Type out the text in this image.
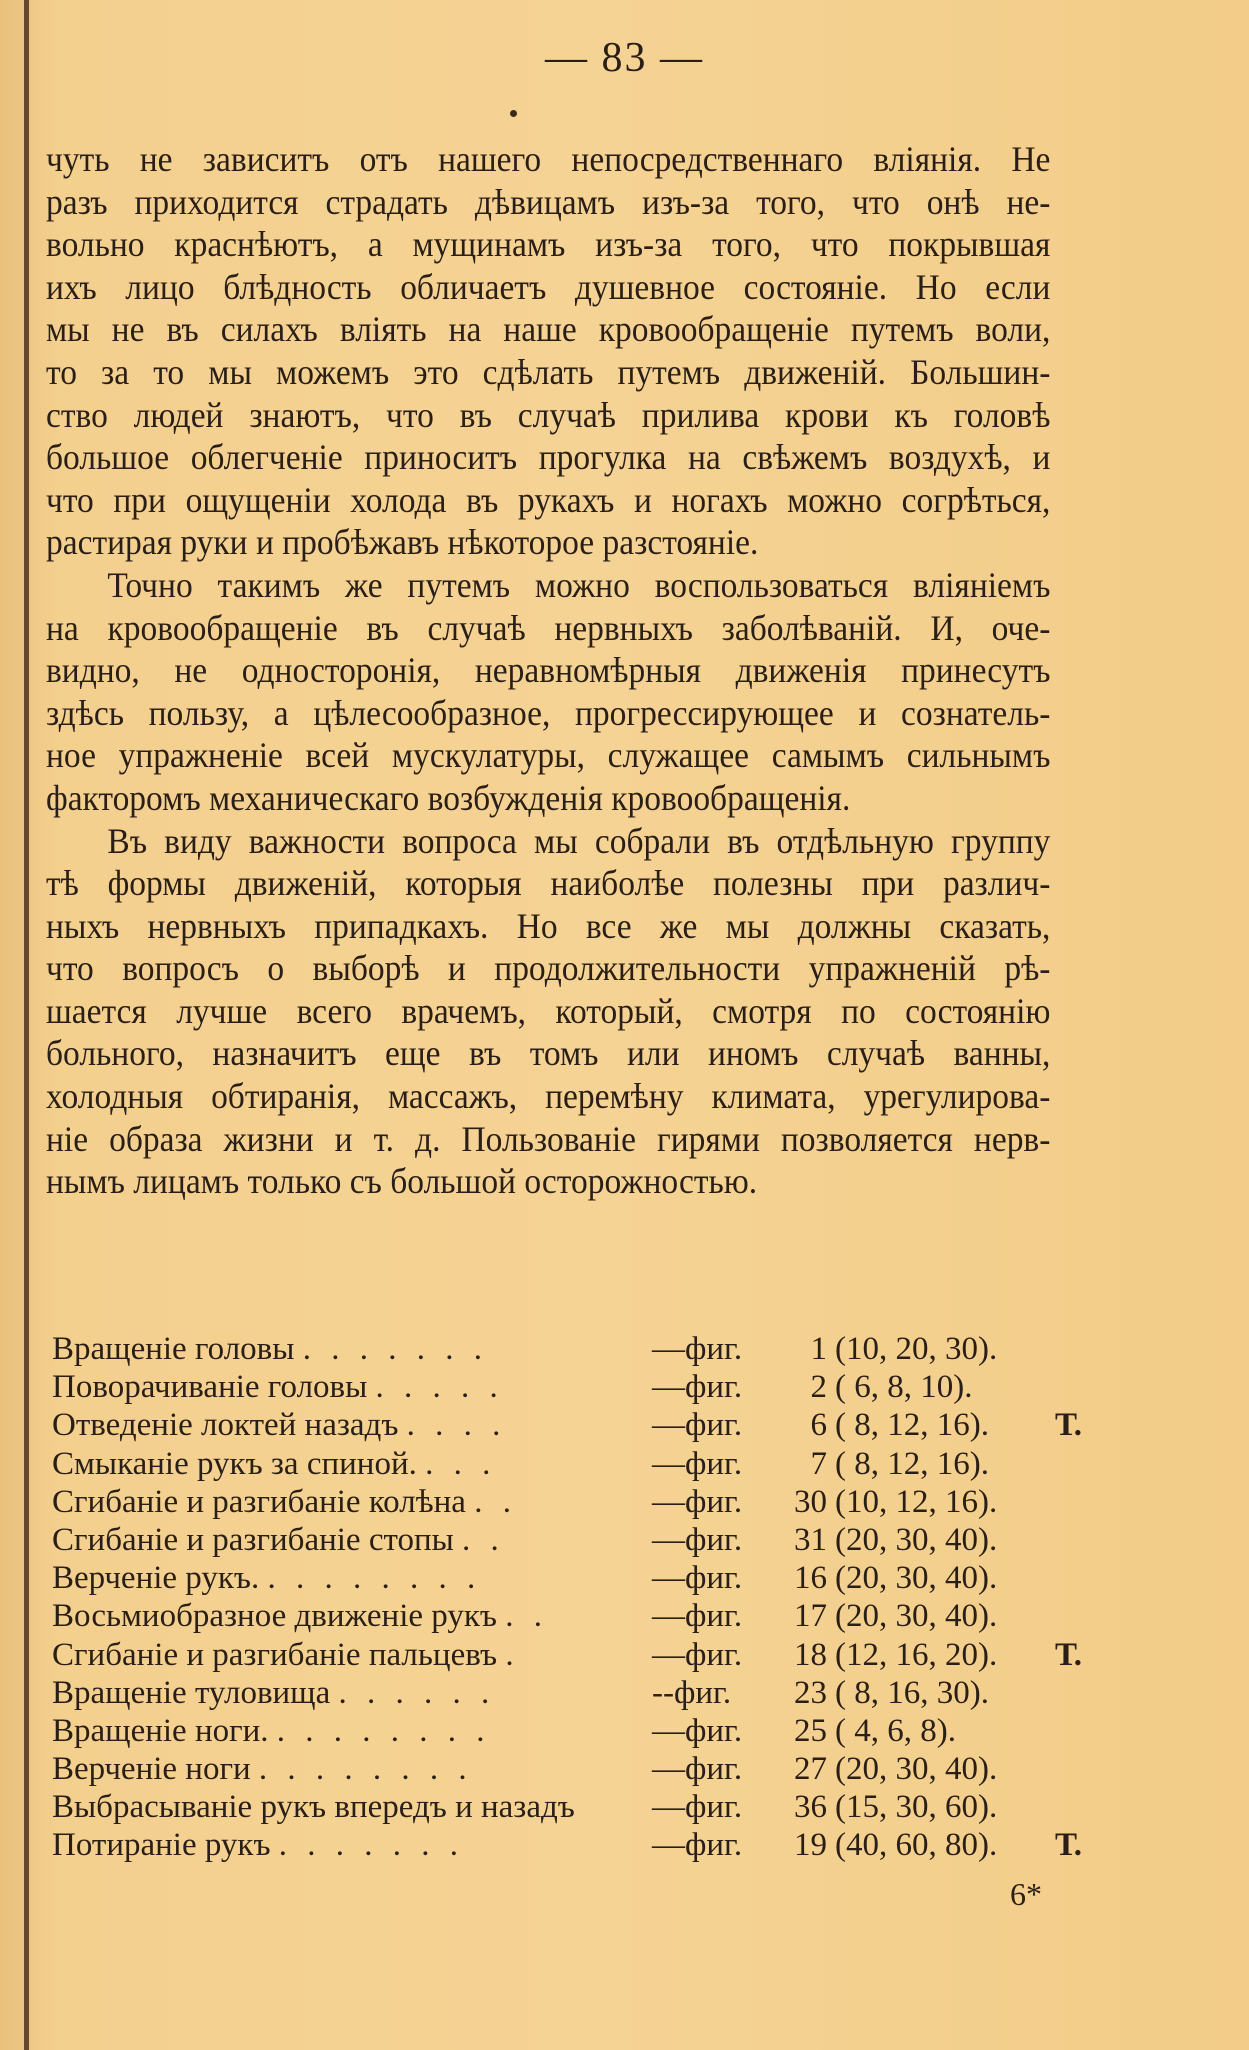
— 83 —
чуть не зависитъ отъ нашего непосредственнаго вліянія. Не
разъ приходится страдать дѣвицамъ изъ-за того, что онѣ не-
вольно краснѣютъ, а мущинамъ изъ-за того, что покрывшая
ихъ лицо блѣдность обличаетъ душевное состояніе. Но если
мы не въ силахъ влiять на наше кровообращеніе путемъ воли,
то за то мы можемъ это сдѣлать путемъ движеній. Большин-
ство людей знаютъ, что въ случаѣ прилива крови къ головѣ
большое облегченіе приноситъ прогулка на свѣжемъ воздухѣ, и
что при ощущеніи холода въ рукахъ и ногахъ можно согрѣться,
растирая руки и пробѣжавъ нѣкоторое разстояніе.
Точно такимъ же путемъ можно воспользоваться вліяніемъ
на кровообращеніе въ случаѣ нервныхъ заболѣваній. И, оче-
видно, не односторонія, неравномѣрныя движенія принесутъ
здѣсь пользу, а цѣлесообразное, прогрессирующее и сознатель-
ное упражненіе всей мускулатуры, служащее самымъ сильнымъ
факторомъ механическаго возбужденія кровообращенія.
Въ виду важности вопроса мы собрали въ отдѣльную группу
тѣ формы движеній, которыя наиболѣе полезны при различ-
ныхъ нервныхъ припадкахъ. Но все же мы должны сказать,
что вопросъ о выборѣ и продолжительности упражненій рѣ-
шается лучше всего врачемъ, который, смотря по состоянію
больного, назначитъ еще въ томъ или иномъ случаѣ ванны,
холодныя обтиранія, массажъ, перемѣну климата, урегулирова-
ніе образа жизни и т. д. Пользованіе гирями позволяется нерв-
нымъ лицамъ только съ большой осторожностью.
Вращеніе головы . . . . . . .	—фиг.	1 (10, 20, 30).
Поворачиваніе головы . . . . .	—фиг.	2 ( 6, 8, 10).
Отведеніе локтей назадъ . . . .	—фиг.	6 ( 8, 12, 16).	Т.
Смыканіе рукъ за спиной. . . .	—фиг.	7 ( 8, 12, 16).
Сгибаніе и разгибаніе колѣна . .	—фиг.	30 (10, 12, 16).
Сгибаніе и разгибаніе стопы . .	—фиг.	31 (20, 30, 40).
Верченіе рукъ. . . . . . . . .	—фиг.	16 (20, 30, 40).
Восьмиобразное движеніе рукъ . .	—фиг.	17 (20, 30, 40).
Сгибаніе и разгибаніе пальцевъ .	—фиг.	18 (12, 16, 20).	Т.
Вращеніе туловища . . . . . .	--фиг.	23 ( 8, 16, 30).
Вращеніе ноги. . . . . . . . .	—фиг.	25 ( 4, 6, 8).
Верченіе ноги . . . . . . . .	—фиг.	27 (20, 30, 40).
Выбрасываніе рукъ впередъ и назадъ	—фиг.	36 (15, 30, 60).
Потираніе рукъ . . . . . . .	—фиг.	19 (40, 60, 80).	Т.
6*
